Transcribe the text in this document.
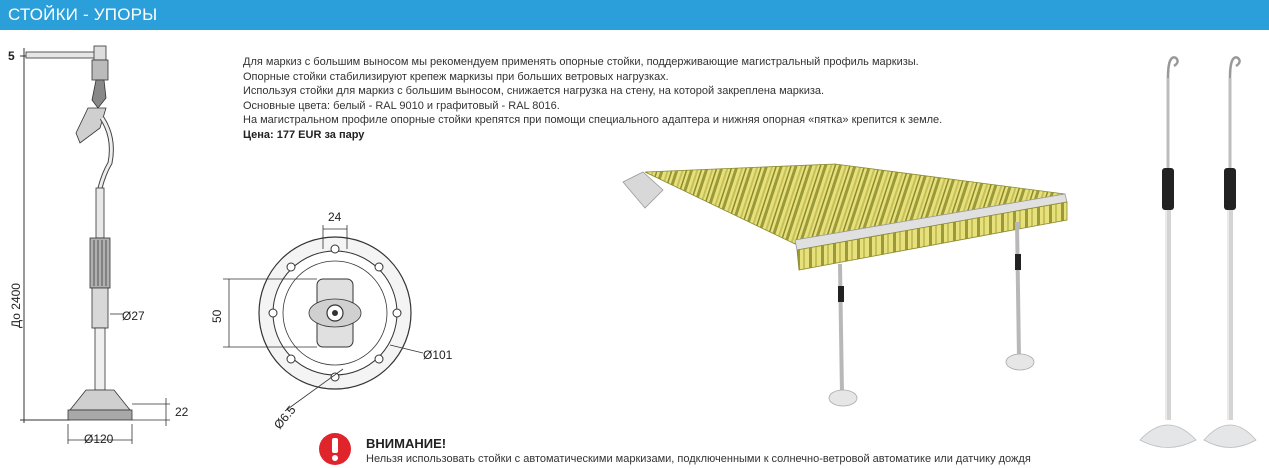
СТОЙКИ - УПОРЫ
5
До 2400	Ø27
22
Ø120
24
50
Ø101
Ø6.5

Для маркиз с большим выносом мы рекомендуем применять опорные стойки, поддерживающие магистральный профиль маркизы.

Опорные стойки стабилизируют крепеж маркизы при больших ветровых нагрузках.

Используя стойки для маркиз с большим выносом, снижается нагрузка на стену, на которой закреплена маркиза.

Основные цвета: белый - RAL 9010 и графитовый - RAL 8016.

На магистральном профиле опорные стойки крепятся при помощи специального адаптера и нижняя опорная «пятка» крепится к земле.

Цена: 177 EUR за пару

ВНИМАНИЕ!
Нельзя использовать стойки с автоматическими маркизами, подключенными к солнечно-ветровой автоматике или датчику дождя
